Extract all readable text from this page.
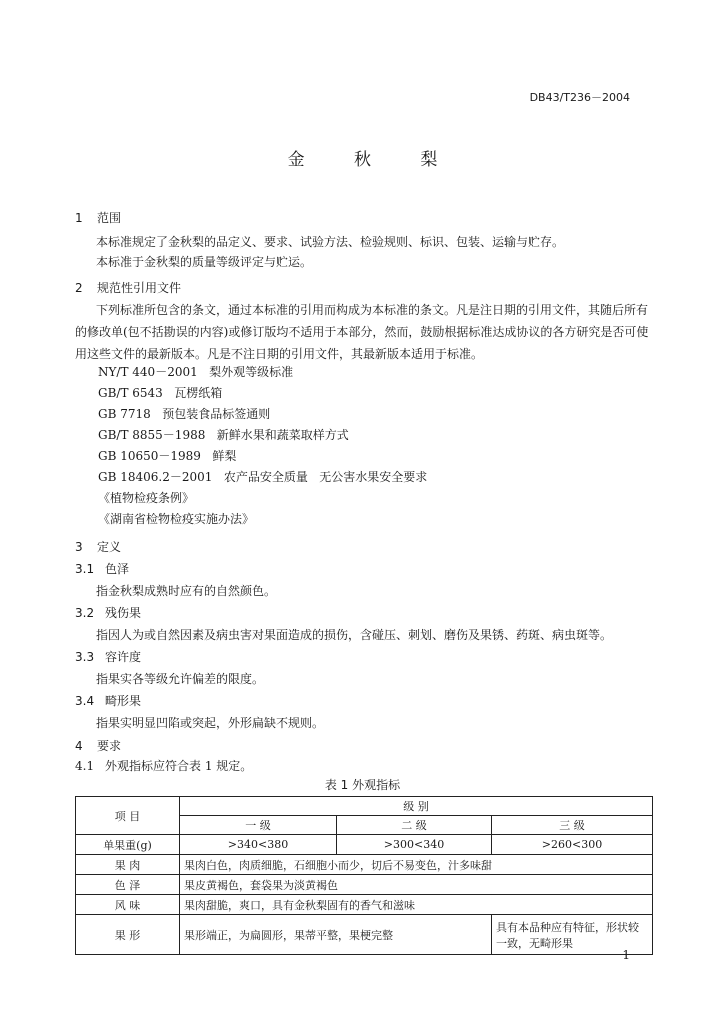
DB43/T236－2004
金 秋 梨
1 范围
本标准规定了金秋梨的品定义、要求、试验方法、检验规则、标识、包装、运输与贮存。
本标准于金秋梨的质量等级评定与贮运。
2 规范性引用文件
下列标准所包含的条文，通过本标准的引用而构成为本标准的条文。凡是注日期的引用文件，其随后所有的修改单(包不括勘误的内容)或修订版均不适用于本部分，然而，鼓励根据标准达成协议的各方研究是否可使用这些文件的最新版本。凡是不注日期的引用文件，其最新版本适用于标准。
NY/T 440－2001   梨外观等级标准
GB/T 6543   瓦楞纸箱
GB 7718   预包装食品标签通则
GB/T 8855－1988   新鲜水果和蔬菜取样方式
GB 10650－1989   鲜梨
GB 18406.2－2001   农产品安全质量   无公害水果安全要求
《植物检疫条例》
《湖南省检物检疫实施办法》
3 定义
3.1 色泽
指金秋梨成熟时应有的自然颜色。
3.2 残伤果
指因人为或自然因素及病虫害对果面造成的损伤，含碰压、刺划、磨伤及果锈、药斑、病虫斑等。
3.3 容许度
指果实各等级允许偏差的限度。
3.4 畸形果
指果实明显凹陷或突起，外形扁缺不规则。
4 要求
4.1 外观指标应符合表 1 规定。
表 1 外观指标
项 目	级 别		
	一 级	二 级	三 级
单果重(g)	>340<380	>300<340	>260<300
果 肉	果肉白色，肉质细脆，石细胞小而少，切后不易变色，汁多味甜		
色 泽	果皮黄褐色，套袋果为淡黄褐色		
风 味	果肉甜脆，爽口，具有金秋梨固有的香气和滋味		
果 形	果形端正，为扁圆形，果蒂平整，果梗完整		具有本品种应有特征，形状较一致，无畸形果
1
